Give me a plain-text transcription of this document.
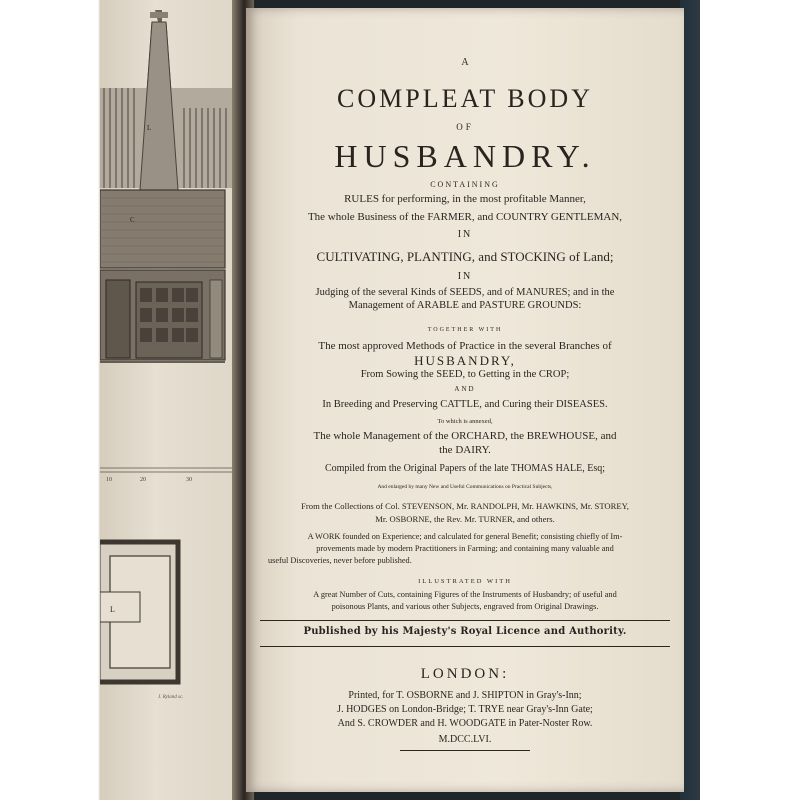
L
C
10	20	30
L
J. Ryland sc.
A
COMPLEAT BODY
OF
HUSBANDRY.
CONTAINING
RULES for performing, in the most profitable Manner,
The whole Business of the FARMER, and COUNTRY GENTLEMAN,
IN
CULTIVATING, PLANTING, and STOCKING of Land;
IN
Judging of the several Kinds of SEEDS, and of MANURES; and in the
Management of ARABLE and PASTURE GROUNDS:
TOGETHER WITH
The most approved Methods of Practice in the several Branches of
HUSBANDRY,
From Sowing the SEED, to Getting in the CROP;
AND
In Breeding and Preserving CATTLE, and Curing their DISEASES.
To which is annexed,
The whole Management of the ORCHARD, the BREWHOUSE, and
the DAIRY.
Compiled from the Original Papers of the late THOMAS HALE, Esq;
And enlarged by many New and Useful Communications on Practical Subjects,
From the Collections of Col. STEVENSON, Mr. RANDOLPH, Mr. HAWKINS, Mr. STOREY,
Mr. OSBORNE, the Rev. Mr. TURNER, and others.
A WORK founded on Experience; and calculated for general Benefit; consisting chiefly of Im-
provements made by modern Practitioners in Farming; and containing many valuable and
useful Discoveries, never before published.
ILLUSTRATED WITH
A great Number of Cuts, containing Figures of the Instruments of Husbandry; of useful and
poisonous Plants, and various other Subjects, engraved from Original Drawings.
Published by his Majesty's Royal Licence and Authority.
LONDON:
Printed, for T. OSBORNE and J. SHIPTON in Gray's-Inn;
J. HODGES on London-Bridge; T. TRYE near Gray's-Inn Gate;
And S. CROWDER and H. WOODGATE in Pater-Noster Row.
M.DCC.LVI.
